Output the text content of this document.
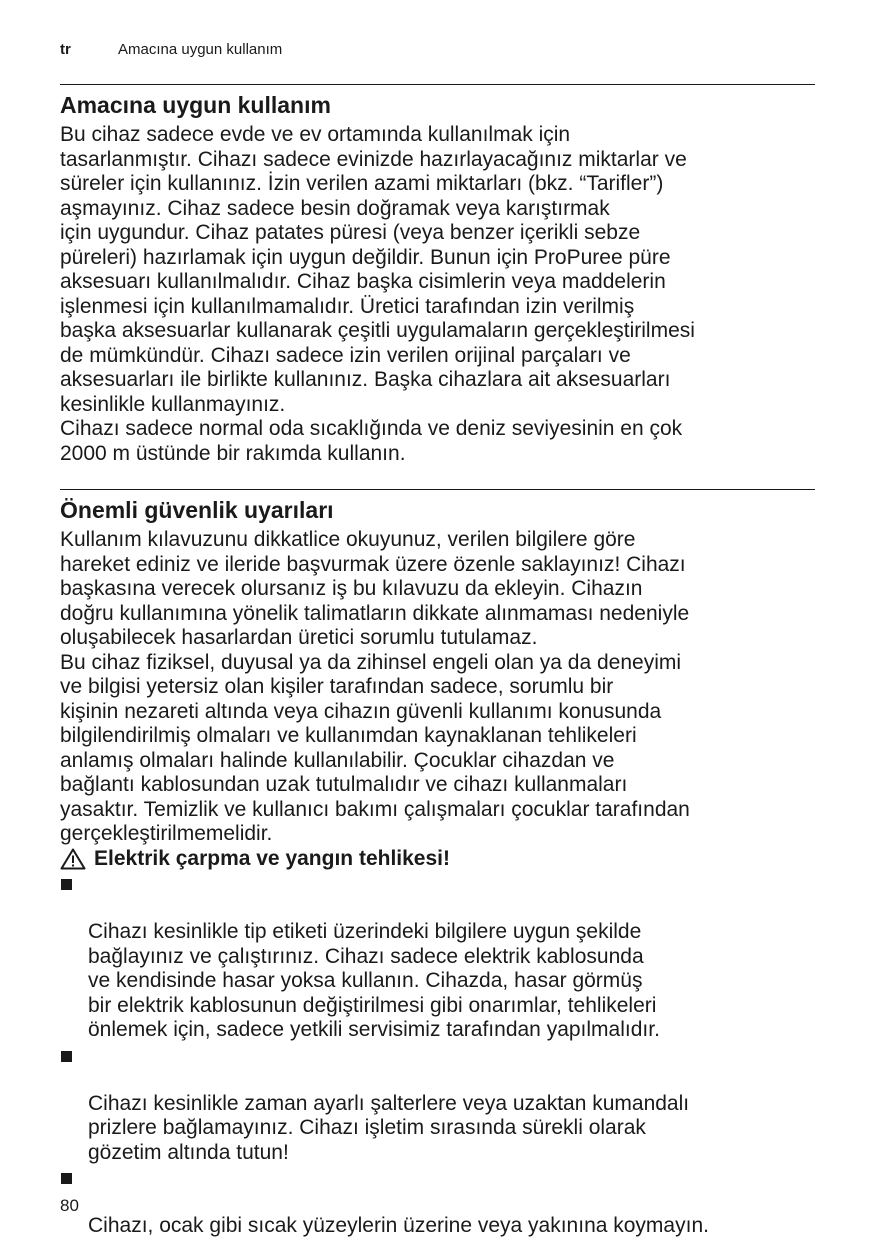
tr	Amacına uygun kullanım
Amacına uygun kullanım

Bu cihaz sadece evde ve ev ortamında kullanılmak için
tasarlanmıştır. Cihazı sadece evinizde hazırlayacağınız miktarlar ve
süreler için kullanınız. İzin verilen azami miktarları (bkz. “Tarifler”)
aşmayınız. Cihaz sadece besin doğramak veya karıştırmak
için uygundur. Cihaz patates püresi (veya benzer içerikli sebze
püreleri) hazırlamak için uygun değildir. Bunun için ProPuree püre
aksesuarı kullanılmalıdır. Cihaz başka cisimlerin veya maddelerin
işlenmesi için kullanılmamalıdır. Üretici tarafından izin verilmiş
başka aksesuarlar kullanarak çeşitli uygulamaların gerçekleştirilmesi
de mümkündür. Cihazı sadece izin verilen orijinal parçaları ve
aksesuarları ile birlikte kullanınız. Başka cihazlara ait aksesuarları
kesinlikle kullanmayınız.

Cihazı sadece normal oda sıcaklığında ve deniz seviyesinin en çok
2000 m üstünde bir rakımda kullanın.

Önemli güvenlik uyarıları

Kullanım kılavuzunu dikkatlice okuyunuz, verilen bilgilere göre
hareket ediniz ve ileride başvurmak üzere özenle saklayınız! Cihazı
başkasına verecek olursanız iş bu kılavuzu da ekleyin. Cihazın
doğru kullanımına yönelik talimatların dikkate alınmaması nedeniyle
oluşabilecek hasarlardan üretici sorumlu tutulamaz.

Bu cihaz fiziksel, duyusal ya da zihinsel engeli olan ya da deneyimi
ve bilgisi yetersiz olan kişiler tarafından sadece, sorumlu bir
kişinin nezareti altında veya cihazın güvenli kullanımı konusunda
bilgilendirilmiş olmaları ve kullanımdan kaynaklanan tehlikeleri
anlamış olmaları halinde kullanılabilir. Çocuklar cihazdan ve
bağlantı kablosundan uzak tutulmalıdır ve cihazı kullanmaları
yasaktır. Temizlik ve kullanıcı bakımı çalışmaları çocuklar tarafından
gerçekleştirilmemelidir.

Elektrik çarpma ve yangın tehlikesi!

Cihazı kesinlikle tip etiketi üzerindeki bilgilere uygun şekilde
bağlayınız ve çalıştırınız. Cihazı sadece elektrik kablosunda
ve kendisinde hasar yoksa kullanın. Cihazda, hasar görmüş
bir elektrik kablosunun değiştirilmesi gibi onarımlar, tehlikeleri
önlemek için, sadece yetkili servisimiz tarafından yapılmalıdır.

Cihazı kesinlikle zaman ayarlı şalterlere veya uzaktan kumandalı
prizlere bağlamayınız. Cihazı işletim sırasında sürekli olarak
gözetim altında tutun!

Cihazı, ocak gibi sıcak yüzeylerin üzerine veya yakınına koymayın.

80
